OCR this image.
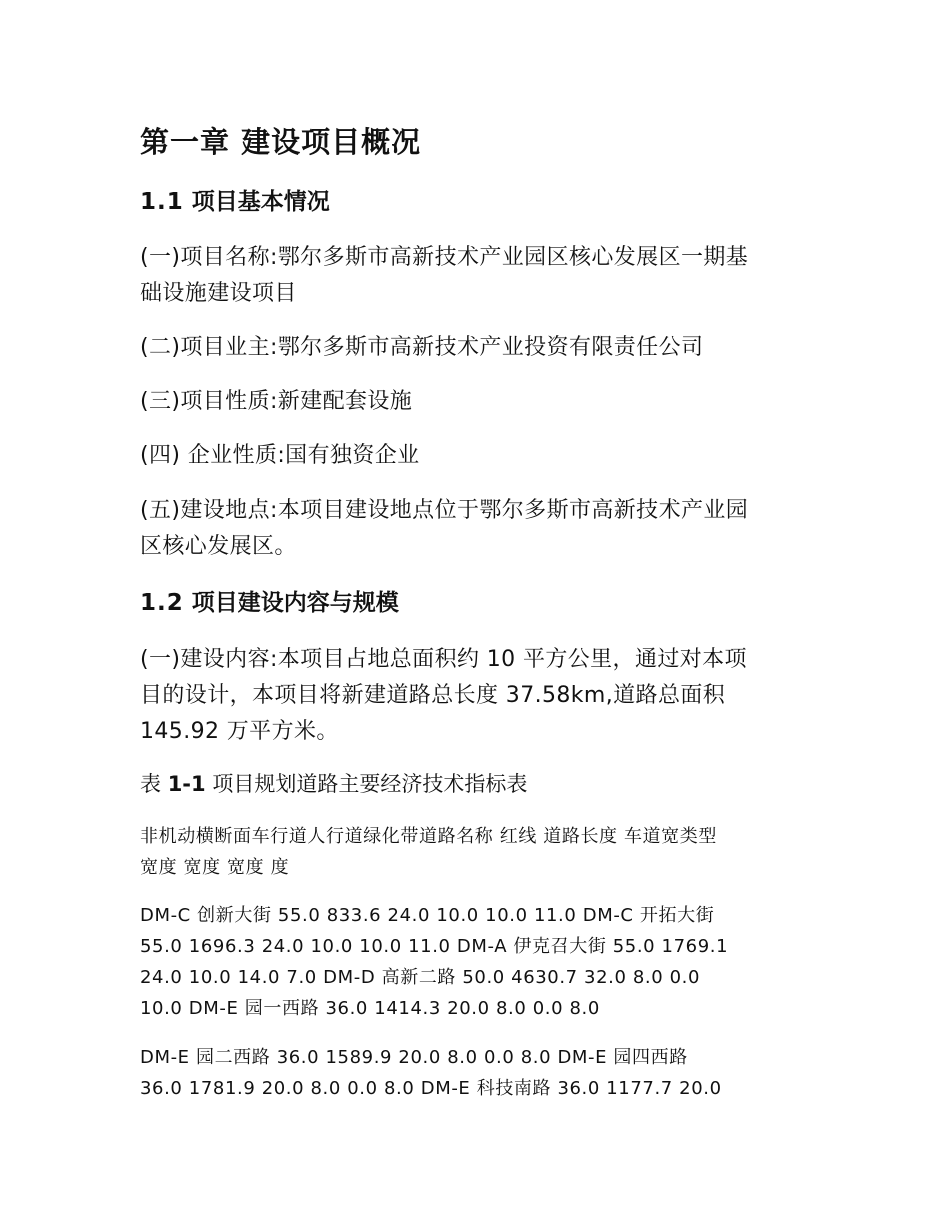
第一章 建设项目概况
1.1 项目基本情况

(一)项目名称:鄂尔多斯市高新技术产业园区核心发展区一期基
础设施建设项目

(二)项目业主:鄂尔多斯市高新技术产业投资有限责任公司

(三)项目性质:新建配套设施

(四) 企业性质:国有独资企业

(五)建设地点:本项目建设地点位于鄂尔多斯市高新技术产业园
区核心发展区。

1.2 项目建设内容与规模

(一)建设内容:本项目占地总面积约 10 平方公里，通过对本项
目的设计，本项目将新建道路总长度 37.58km,道路总面积
145.92 万平方米。

表 1-1 项目规划道路主要经济技术指标表

非机动横断面车行道人行道绿化带道路名称 红线 道路长度 车道宽类型
宽度 宽度 宽度 度

DM-C 创新大街 55.0 833.6 24.0 10.0 10.0 11.0 DM-C 开拓大街
55.0 1696.3 24.0 10.0 10.0 11.0 DM-A 伊克召大街 55.0 1769.1
24.0 10.0 14.0 7.0 DM-D 高新二路 50.0 4630.7 32.0 8.0 0.0
10.0 DM-E 园一西路 36.0 1414.3 20.0 8.0 0.0 8.0

DM-E 园二西路 36.0 1589.9 20.0 8.0 0.0 8.0 DM-E 园四西路
36.0 1781.9 20.0 8.0 0.0 8.0 DM-E 科技南路 36.0 1177.7 20.0
